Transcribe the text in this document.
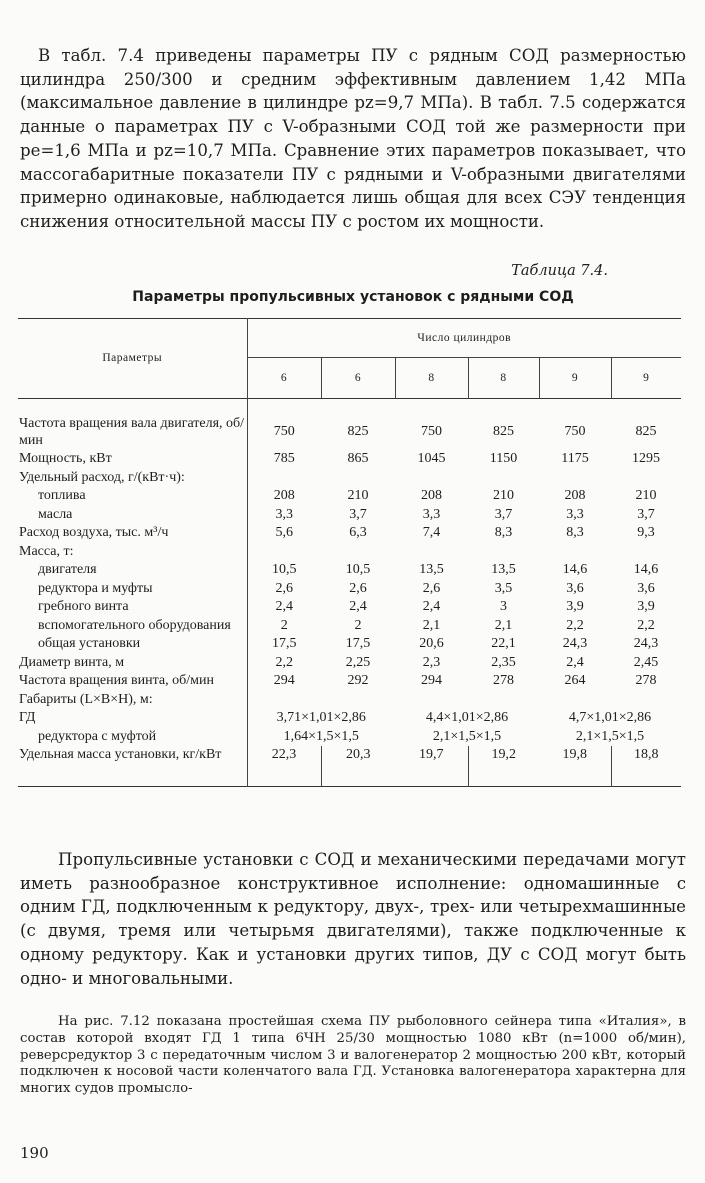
В табл. 7.4 приведены параметры ПУ с рядным СОД размерностью цилиндра 250/300 и средним эффективным давлением 1,42 МПа (максимальное давление в цилиндре pz=9,7 МПа). В табл. 7.5 содержатся данные о параметрах ПУ с V-образными СОД той же размерности при pe=1,6 МПа и pz=10,7 МПа. Сравнение этих параметров показывает, что массогабаритные показатели ПУ с рядными и V-образными двигателями примерно одинаковые, наблюдается лишь общая для всех СЭУ тенденция снижения относительной массы ПУ с ростом их мощности.

Таблица 7.4.

Параметры пропульсивных установок с рядными СОД

Параметры	Число цилиндров					
	6	6	8	8	9	9

Частота вращения вала двигателя, об/мин	750	825	750	825	750	825
Мощность, кВт	785	865	1045	1150	1175	1295
Удельный расход, г/(кВт·ч):						
топлива	208	210	208	210	208	210
масла	3,3	3,7	3,3	3,7	3,3	3,7
Расход воздуха, тыс. м³/ч	5,6	6,3	7,4	8,3	8,3	9,3
Масса, т:						
двигателя	10,5	10,5	13,5	13,5	14,6	14,6
редуктора и муфты	2,6	2,6	2,6	3,5	3,6	3,6
гребного винта	2,4	2,4	2,4	3	3,9	3,9
вспомогательного оборудования	2	2	2,1	2,1	2,2	2,2
общая установки	17,5	17,5	20,6	22,1	24,3	24,3
Диаметр винта, м	2,2	2,25	2,3	2,35	2,4	2,45
Частота вращения винта, об/мин	294	292	294	278	264	278
Габариты (L×B×H), м:						
ГД	3,71×1,01×2,86		4,4×1,01×2,86		4,7×1,01×2,86	
редуктора с муфтой	1,64×1,5×1,5		2,1×1,5×1,5		2,1×1,5×1,5	
Удельная масса установки, кг/кВт	22,3	20,3	19,7	19,2	19,8	18,8

Пропульсивные установки с СОД и механическими передачами могут иметь разнообразное конструктивное исполнение: одномашинные с одним ГД, подключенным к редуктору, двух-, трех- или четырехмашинные (с двумя, тремя или четырьмя двигателями), также подключенные к одному редуктору. Как и установки других типов, ДУ с СОД могут быть одно- и многовальными.

На рис. 7.12 показана простейшая схема ПУ рыболовного сейнера типа «Италия», в состав которой входят ГД 1 типа 6ЧН 25/30 мощностью 1080 кВт (n=1000 об/мин), реверсредуктор 3 с передаточным числом 3 и валогенератор 2 мощностью 200 кВт, который подключен к носовой части коленчатого вала ГД. Установка валогенератора характерна для многих судов промысло-

190
